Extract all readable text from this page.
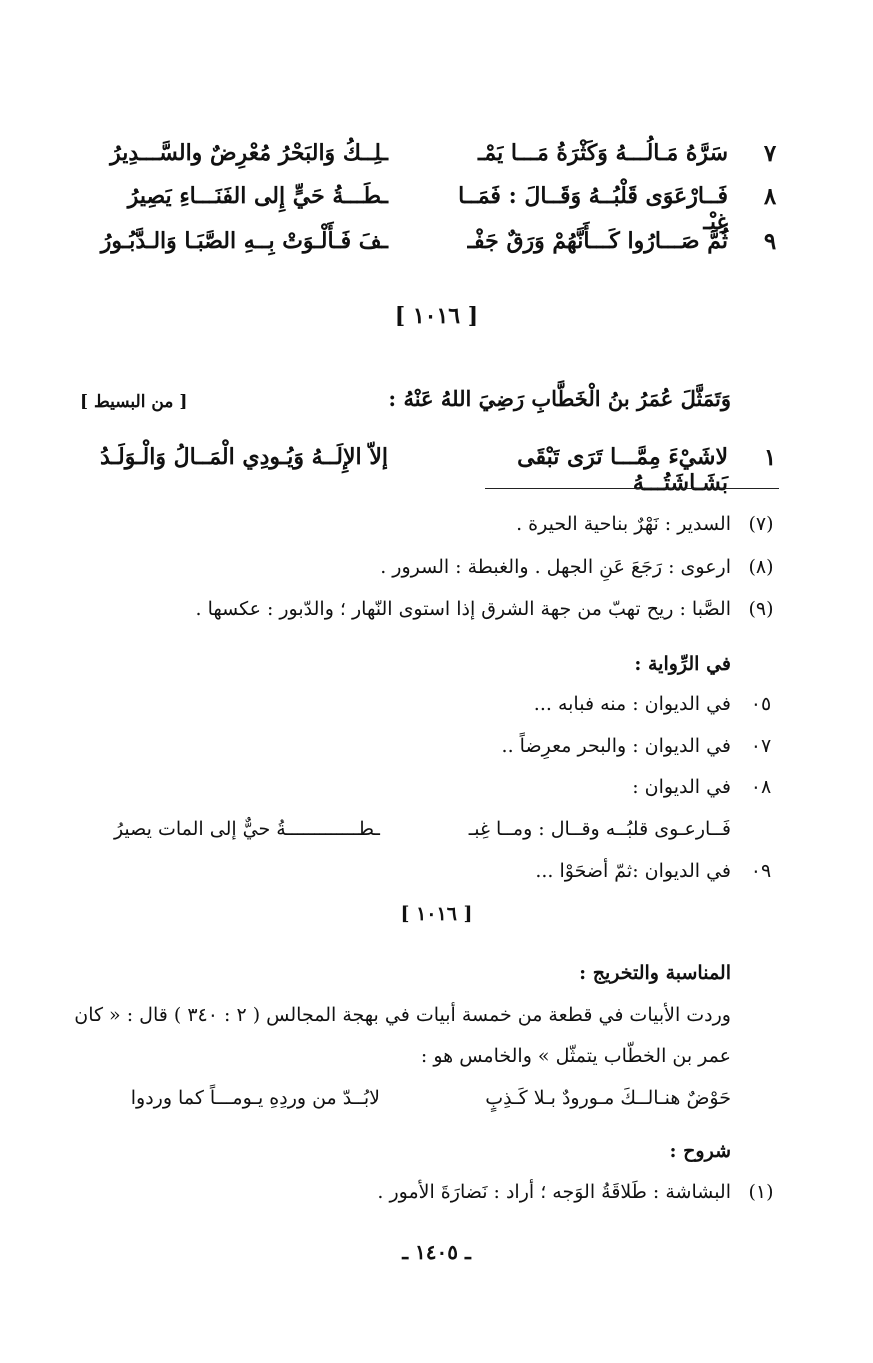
٧
سَرَّهُ مَـالُـــهُ وَكَثْرَةُ مَـــا يَمْـ
ـلِــكُ وَالبَحْرُ مُعْرِضٌ والسَّـــدِيرُ
٨
فَــارْعَوَى قَلْبُــهُ وَقَــالَ : فَمَــا غِبْـ
ـطَـــةُ حَيٍّ إِلى الفَنَـــاءِ يَصِيرُ
٩
ثُمَّ صَـــارُوا كَـــأَنَّهُمْ وَرَقٌ جَفْـ
ـفَ فَـأَلْـوَتْ بِــهِ الصَّبَـا وَالـدَّبُـورُ
[ ١٠١٦ ]
وَتَمَثَّلَ عُمَرُ بنُ الْخَطَّابِ رَضِيَ اللهُ عَنْهُ :
[ من البسيط ]
١
لاشَيْءَ مِمَّـــا تَرَى تَبْقَى بَشَـاشَتُـــهُ
إلاّ الإِلَــهُ وَيُـودِي الْمَــالُ وَالْـوَلَـدُ
(٧)
السدير : نَهْرٌ بناحية الحيرة .
(٨)
ارعوى : رَجَعَ عَنِ الجهل . والغبطة : السرور .
(٩)
الصَّبا : ريح تهبّ من جهة الشرق إذا استوى النّهار ؛ والدّبور : عكسها .
في الرِّواية :
٠٥
في الديوان : منه فبابه ...
٠٧
في الديوان : والبحر معرِضاً ..
٠٨
في الديوان :
فَــارعـوى قلبُــه وقــال : ومــا غِبـ
ـطـــــــــــــةُ حيٌّ إلى المات يصيرُ
٠٩
في الديوان :ثمّ أضحَوْا ...
[ ١٠١٦ ]
المناسبة والتخريج :
وردت الأبيات في قطعة من خمسة أبيات في بهجة المجالس ( ٢ : ٣٤٠ ) قال : « كان
عمر بن الخطّاب يتمثّل » والخامس هو :
حَوْضٌ هنـالــكَ مـورودٌ بـلا كَـذِبٍ
لابُــدّ من وردِهِ يـومـــاً كما وردوا
شروح :
(١)
البشاشة : طَلاقَةُ الوَجه ؛ أراد : نَضارَةَ الأمور .
ـ ١٤٠٥ ـ
